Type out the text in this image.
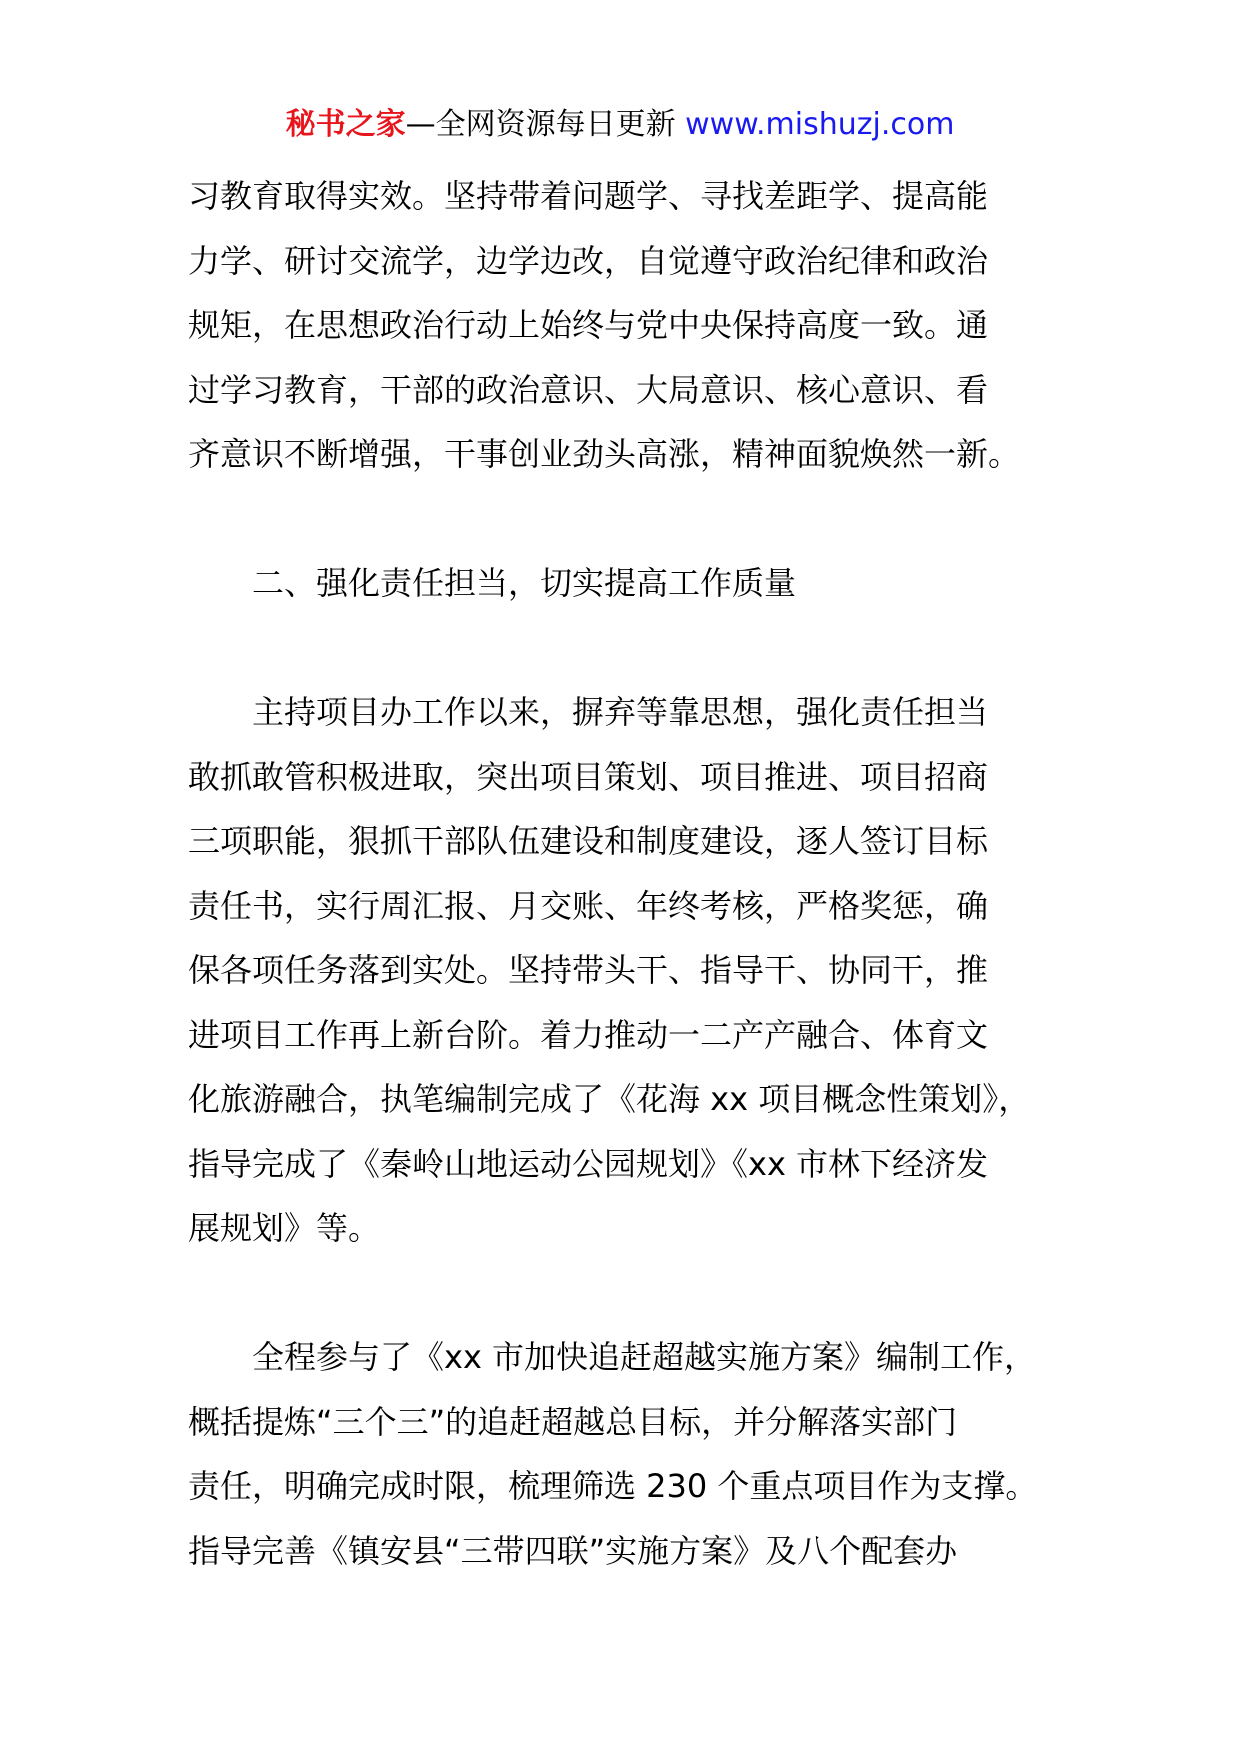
秘书之家—全网资源每日更新 www.mishuzj.com
习教育取得实效。坚持带着问题学、寻找差距学、提高能
力学、研讨交流学，边学边改，自觉遵守政治纪律和政治
规矩，在思想政治行动上始终与党中央保持高度一致。通
过学习教育，干部的政治意识、大局意识、核心意识、看
齐意识不断增强，干事创业劲头高涨，精神面貌焕然一新。
　　二、强化责任担当，切实提高工作质量
　　主持项目办工作以来，摒弃等靠思想，强化责任担当
敢抓敢管积极进取，突出项目策划、项目推进、项目招商
三项职能，狠抓干部队伍建设和制度建设，逐人签订目标
责任书，实行周汇报、月交账、年终考核，严格奖惩，确
保各项任务落到实处。坚持带头干、指导干、协同干，推
进项目工作再上新台阶。着力推动一二产产融合、体育文
化旅游融合，执笔编制完成了《花海 xx 项目概念性策划》，
指导完成了《秦岭山地运动公园规划》《xx 市林下经济发
展规划》等。
　　全程参与了《xx 市加快追赶超越实施方案》编制工作，
概括提炼“三个三”的追赶超越总目标，并分解落实部门
责任，明确完成时限，梳理筛选 230 个重点项目作为支撑。
指导完善《镇安县“三带四联”实施方案》及八个配套办
